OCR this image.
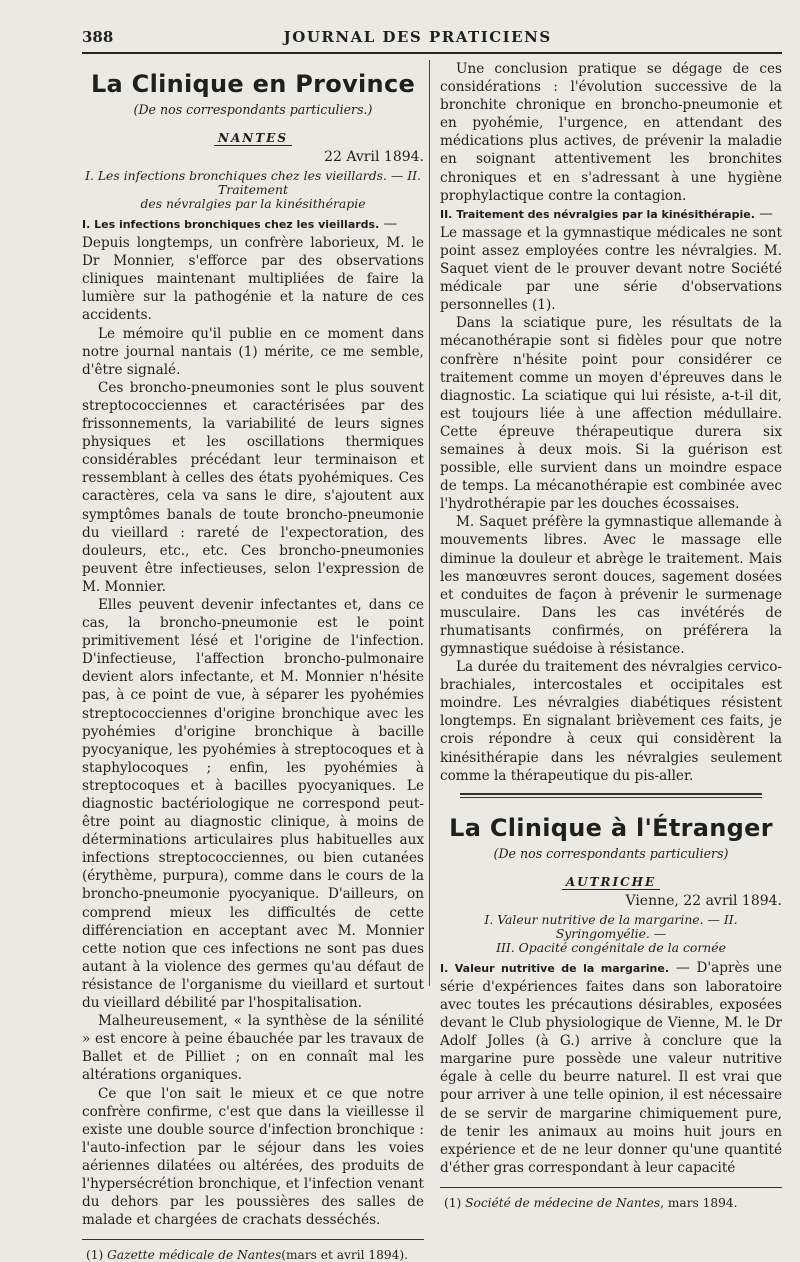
388	JOURNAL DES PRATICIENS
La Clinique en Province
(De nos correspondants particuliers.)
NANTES
22 Avril 1894.
I. Les infections bronchiques chez les vieillards. — II. Traitement
des névralgies par la kinésithérapie

I. Les infections bronchiques chez les vieillards. —

Depuis longtemps, un confrère laborieux, M. le Dr Monnier, s'efforce par des observations cliniques maintenant multipliées de faire la lumière sur la pathogénie et la nature de ces accidents.

Le mémoire qu'il publie en ce moment dans notre journal nantais (1) mérite, ce me semble, d'être signalé.

Ces broncho-pneumonies sont le plus souvent streptococciennes et caractérisées par des frissonnements, la variabilité de leurs signes physiques et les oscillations thermiques considérables précédant leur terminaison et ressemblant à celles des états pyohémiques. Ces caractères, cela va sans le dire, s'ajoutent aux symptômes banals de toute broncho-pneumonie du vieillard : rareté de l'expectoration, des douleurs, etc., etc. Ces broncho-pneumonies peuvent être infectieuses, selon l'expression de M. Monnier.

Elles peuvent devenir infectantes et, dans ce cas, la broncho-pneumonie est le point primitivement lésé et l'origine de l'infection. D'infectieuse, l'affection broncho-pulmonaire devient alors infectante, et M. Monnier n'hésite pas, à ce point de vue, à séparer les pyohémies streptococciennes d'origine bronchique avec les pyohémies d'origine bronchique à bacille pyocyanique, les pyohémies à streptocoques et à staphylocoques ; enfin, les pyohémies à streptocoques et à bacilles pyocyaniques. Le diagnostic bactériologique ne correspond peut-être point au diagnostic clinique, à moins de déterminations articulaires plus habituelles aux infections streptococciennes, ou bien cutanées (érythème, purpura), comme dans le cours de la broncho-pneumonie pyocyanique. D'ailleurs, on comprend mieux les difficultés de cette différenciation en acceptant avec M. Monnier cette notion que ces infections ne sont pas dues autant à la violence des germes qu'au défaut de résistance de l'organisme du vieillard et surtout du vieillard débilité par l'hospitalisation.

Malheureusement, « la synthèse de la sénilité » est encore à peine ébauchée par les travaux de Ballet et de Pilliet ; on en connaît mal les altérations organiques.

Ce que l'on sait le mieux et ce que notre confrère confirme, c'est que dans la vieillesse il existe une double source d'infection bronchique : l'auto-infection par le séjour dans les voies aériennes dilatées ou altérées, des produits de l'hypersécrétion bronchique, et l'infection venant du dehors par les poussières des salles de malade et chargées de crachats desséchés.

(1) Gazette médicale de Nantes(mars et avril 1894).

Une conclusion pratique se dégage de ces considérations : l'évolution successive de la bronchite chronique en broncho-pneumonie et en pyohémie, l'urgence, en attendant des médications plus actives, de prévenir la maladie en soignant attentivement les bronchites chroniques et en s'adressant à une hygiène prophylactique contre la contagion.

II. Traitement des névralgies par la kinésithérapie. —

Le massage et la gymnastique médicales ne sont point assez employées contre les névralgies. M. Saquet vient de le prouver devant notre Société médicale par une série d'observations personnelles (1).

Dans la sciatique pure, les résultats de la mécanothérapie sont si fidèles pour que notre confrère n'hésite point pour considérer ce traitement comme un moyen d'épreuves dans le diagnostic. La sciatique qui lui résiste, a-t-il dit, est toujours liée à une affection médullaire. Cette épreuve thérapeutique durera six semaines à deux mois. Si la guérison est possible, elle survient dans un moindre espace de temps. La mécanothérapie est combinée avec l'hydrothérapie par les douches écossaises.

M. Saquet préfère la gymnastique allemande à mouvements libres. Avec le massage elle diminue la douleur et abrège le traitement. Mais les manœuvres seront douces, sagement dosées et conduites de façon à prévenir le surmenage musculaire. Dans les cas invétérés de rhumatisants confirmés, on préférera la gymnastique suédoise à résistance.

La durée du traitement des névralgies cervico-brachiales, intercostales et occipitales est moindre. Les névralgies diabétiques résistent longtemps. En signalant brièvement ces faits, je crois répondre à ceux qui considèrent la kinésithérapie dans les névralgies seulement comme la thérapeutique du pis-aller.

La Clinique à l'Étranger
(De nos correspondants particuliers)
AUTRICHE
Vienne, 22 avril 1894.
I. Valeur nutritive de la margarine. — II. Syringomyélie. —
III. Opacité congénitale de la cornée

I. Valeur nutritive de la margarine. — D'après une série d'expériences faites dans son laboratoire avec toutes les précautions désirables, exposées devant le Club physiologique de Vienne, M. le Dr Adolf Jolles (à G.) arrive à conclure que la margarine pure possède une valeur nutritive égale à celle du beurre naturel. Il est vrai que pour arriver à une telle opinion, il est nécessaire de se servir de margarine chimiquement pure, de tenir les animaux au moins huit jours en expérience et de ne leur donner qu'une quantité d'éther gras correspondant à leur capacité

(1) Société de médecine de Nantes, mars 1894.
